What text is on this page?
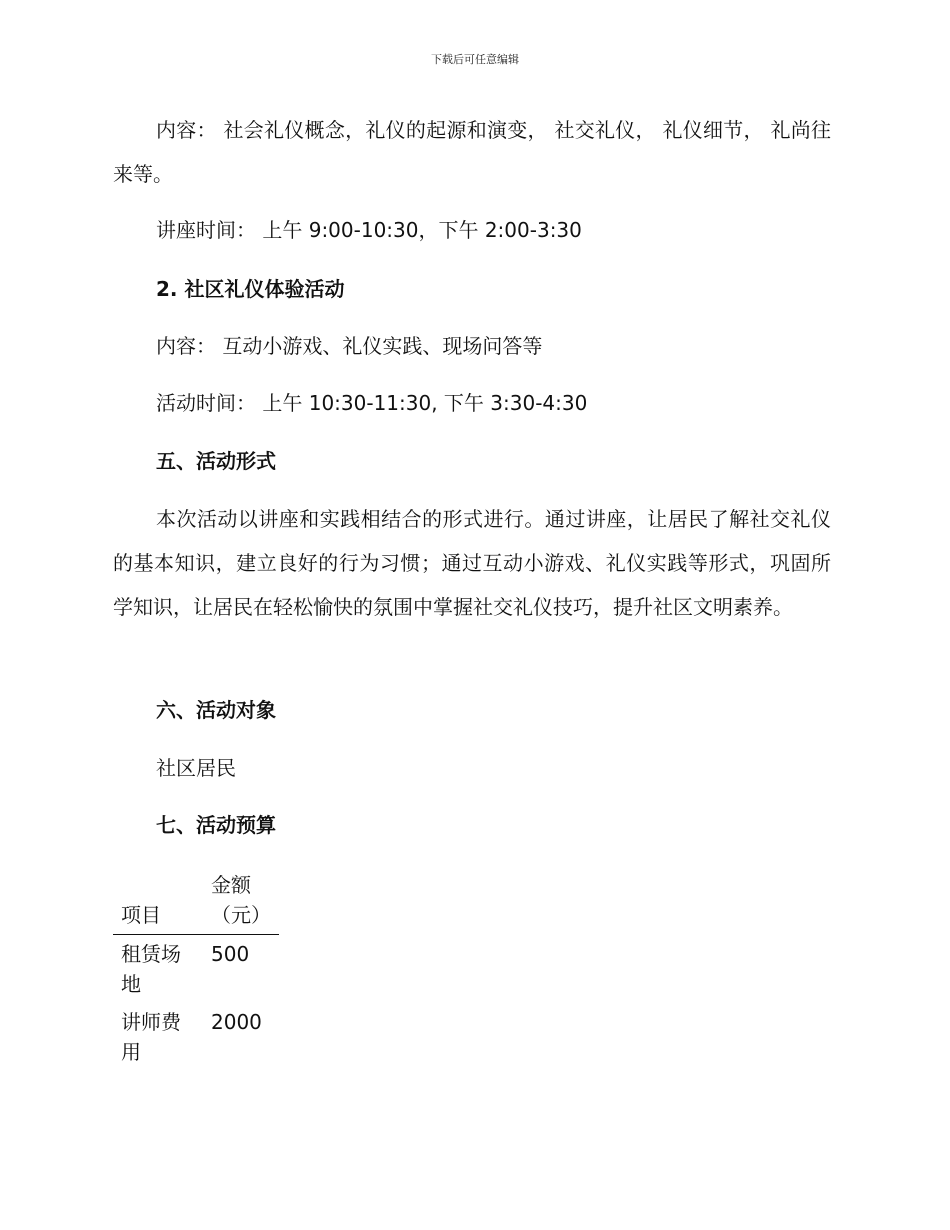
下载后可任意编辑

内容： 社会礼仪概念，礼仪的起源和演变， 社交礼仪， 礼仪细节， 礼尚往来等。

讲座时间： 上午 9:00-10:30，下午 2:00-3:30

2. 社区礼仪体验活动

内容： 互动小游戏、礼仪实践、现场问答等

活动时间： 上午 10:30-11:30, 下午 3:30-4:30

五、活动形式

本次活动以讲座和实践相结合的形式进行。通过讲座，让居民了解社交礼仪的基本知识，建立良好的行为习惯；通过互动小游戏、礼仪实践等形式，巩固所学知识，让居民在轻松愉快的氛围中掌握社交礼仪技巧，提升社区文明素养。

六、活动对象

社区居民

七、活动预算

项目	金额（元）
租赁场地	500
讲师费用	2000
